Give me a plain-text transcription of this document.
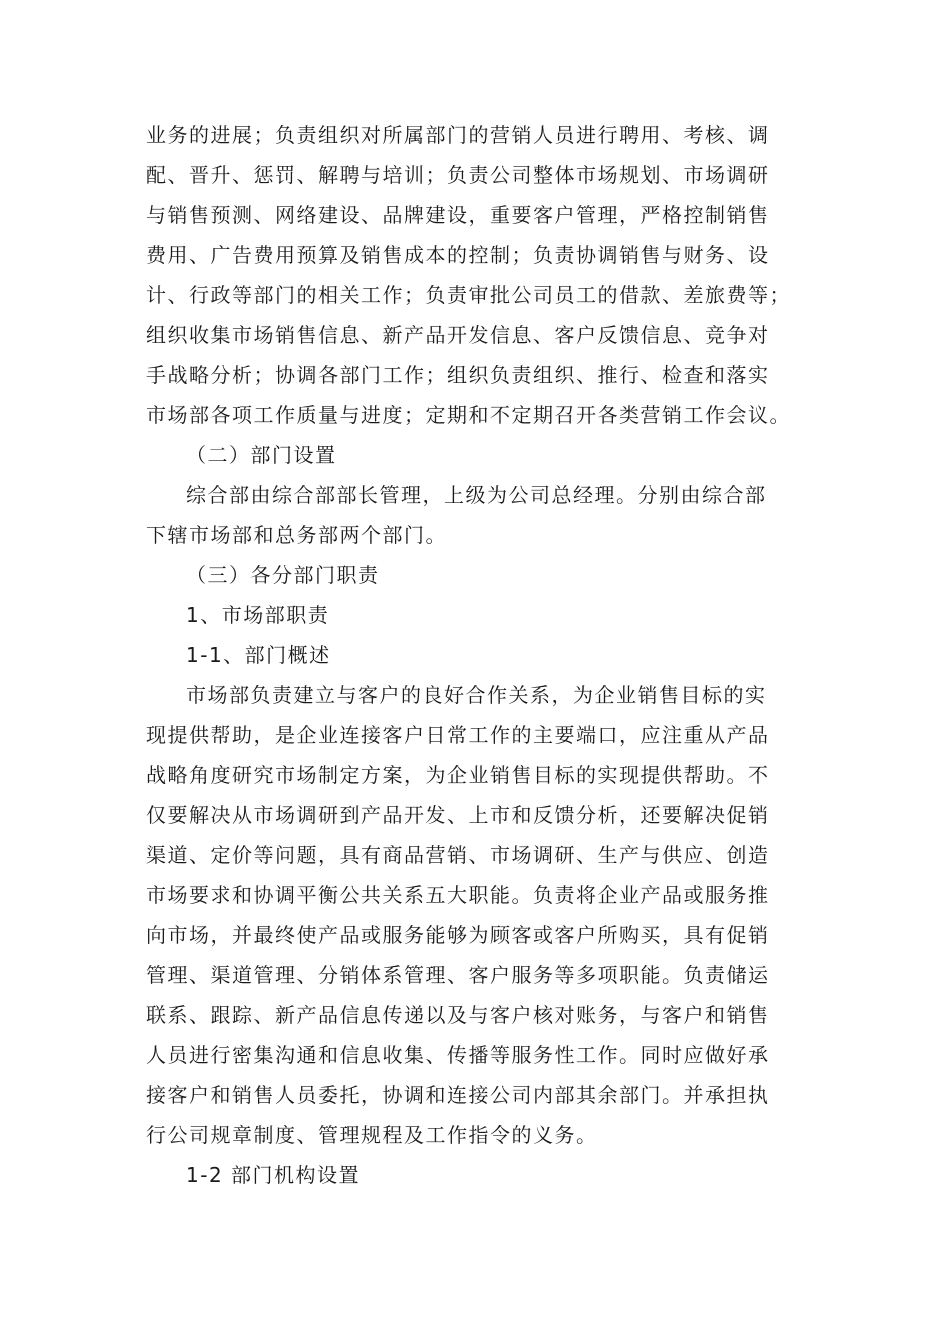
业务的进展；负责组织对所属部门的营销人员进行聘用、考核、调
配、晋升、惩罚、解聘与培训；负责公司整体市场规划、市场调研
与销售预测、网络建设、品牌建设，重要客户管理，严格控制销售
费用、广告费用预算及销售成本的控制；负责协调销售与财务、设
计、行政等部门的相关工作；负责审批公司员工的借款、差旅费等；
组织收集市场销售信息、新产品开发信息、客户反馈信息、竞争对
手战略分析；协调各部门工作；组织负责组织、推行、检查和落实
市场部各项工作质量与进度；定期和不定期召开各类营销工作会议。
（二）部门设置
综合部由综合部部长管理，上级为公司总经理。分别由综合部
下辖市场部和总务部两个部门。
（三）各分部门职责
1、市场部职责
1-1、部门概述
市场部负责建立与客户的良好合作关系，为企业销售目标的实
现提供帮助，是企业连接客户日常工作的主要端口，应注重从产品
战略角度研究市场制定方案，为企业销售目标的实现提供帮助。不
仅要解决从市场调研到产品开发、上市和反馈分析，还要解决促销
渠道、定价等问题，具有商品营销、市场调研、生产与供应、创造
市场要求和协调平衡公共关系五大职能。负责将企业产品或服务推
向市场，并最终使产品或服务能够为顾客或客户所购买，具有促销
管理、渠道管理、分销体系管理、客户服务等多项职能。负责储运
联系、跟踪、新产品信息传递以及与客户核对账务，与客户和销售
人员进行密集沟通和信息收集、传播等服务性工作。同时应做好承
接客户和销售人员委托，协调和连接公司内部其余部门。并承担执
行公司规章制度、管理规程及工作指令的义务。
1-2 部门机构设置
